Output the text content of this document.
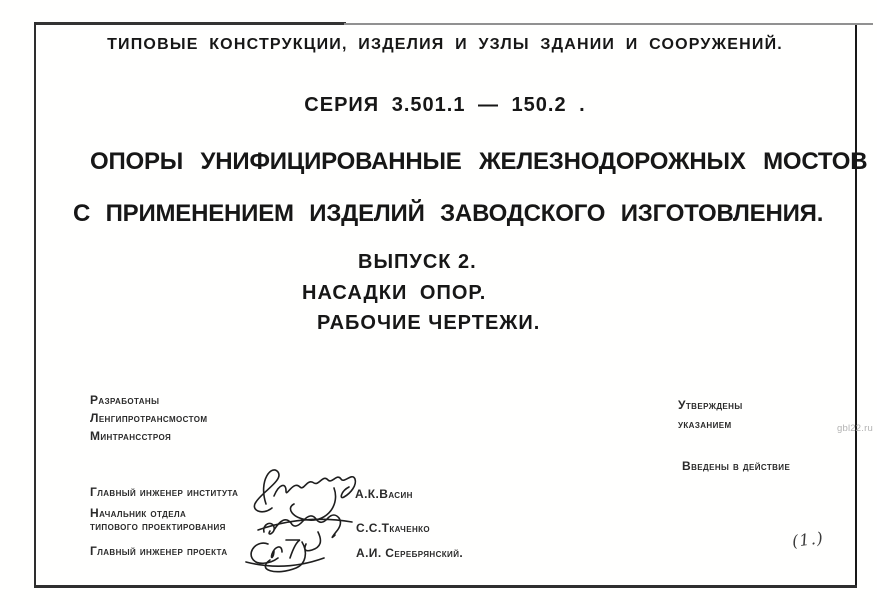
ТИПОВЫЕ КОНСТРУКЦИИ, ИЗДЕЛИЯ И УЗЛЫ ЗДАНИИ И СООРУЖЕНИЙ.
СЕРИЯ 3.501.1 — 150.2 .
ОПОРЫ УНИФИЦИРОВАННЫЕ ЖЕЛЕЗНОДОРОЖНЫХ МОСТОВ
С ПРИМЕНЕНИЕМ ИЗДЕЛИЙ ЗАВОДСКОГО ИЗГОТОВЛЕНИЯ.
ВЫПУСК 2.
НАСАДКИ ОПОР.
РАБОЧИЕ ЧЕРТЕЖИ.
Разработаны
Ленгипротрансмостом
Минтрансстроя
Утверждены
указанием
Введены в действие
Главный инженер института	А.К.Васин
Начальник отдела
типового проектирования	С.С.Ткаченко
Главный инженер проекта	А.И. Серебрянский.
(1.)
gbl22.ru
